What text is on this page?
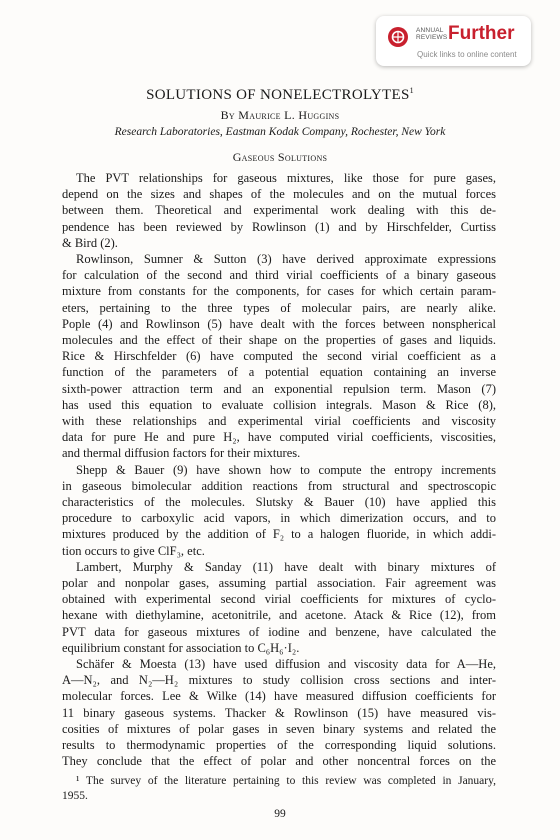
ANNUAL
REVIEWS Further
Quick links to online content
SOLUTIONS OF NONELECTROLYTES$^1$
By Maurice L. Huggins
Research Laboratories, Eastman Kodak Company, Rochester, New York
Gaseous Solutions
The PVT relationships for gaseous mixtures, like those for pure gases,
depend on the sizes and shapes of the molecules and on the mutual forces
between them. Theoretical and experimental work dealing with this de-
pendence has been reviewed by Rowlinson (1) and by Hirschfelder, Curtiss
& Bird (2).
Rowlinson, Sumner & Sutton (3) have derived approximate expressions
for calculation of the second and third virial coefficients of a binary gaseous
mixture from constants for the components, for cases for which certain param-
eters, pertaining to the three types of molecular pairs, are nearly alike.
Pople (4) and Rowlinson (5) have dealt with the forces between nonspherical
molecules and the effect of their shape on the properties of gases and liquids.
Rice & Hirschfelder (6) have computed the second virial coefficient as a
function of the parameters of a potential equation containing an inverse
sixth-power attraction term and an exponential repulsion term. Mason (7)
has used this equation to evaluate collision integrals. Mason & Rice (8),
with these relationships and experimental virial coefficients and viscosity
data for pure He and pure H₂, have computed virial coefficients, viscosities,
and thermal diffusion factors for their mixtures.
Shepp & Bauer (9) have shown how to compute the entropy increments
in gaseous bimolecular addition reactions from structural and spectroscopic
characteristics of the molecules. Slutsky & Bauer (10) have applied this
procedure to carboxylic acid vapors, in which dimerization occurs, and to
mixtures produced by the addition of F₂ to a halogen fluoride, in which addi-
tion occurs to give ClF₃, etc.
Lambert, Murphy & Sanday (11) have dealt with binary mixtures of
polar and nonpolar gases, assuming partial association. Fair agreement was
obtained with experimental second virial coefficients for mixtures of cyclo-
hexane with diethylamine, acetonitrile, and acetone. Atack & Rice (12), from
PVT data for gaseous mixtures of iodine and benzene, have calculated the
equilibrium constant for association to C₆H₆·I₂.
Schäfer & Moesta (13) have used diffusion and viscosity data for A—He,
A—N₂, and N₂—H₂ mixtures to study collision cross sections and inter-
molecular forces. Lee & Wilke (14) have measured diffusion coefficients for
11 binary gaseous systems. Thacker & Rowlinson (15) have measured vis-
cosities of mixtures of polar gases in seven binary systems and related the
results to thermodynamic properties of the corresponding liquid solutions.
They conclude that the effect of polar and other noncentral forces on the
¹ The survey of the literature pertaining to this review was completed in January,
1955.
99
